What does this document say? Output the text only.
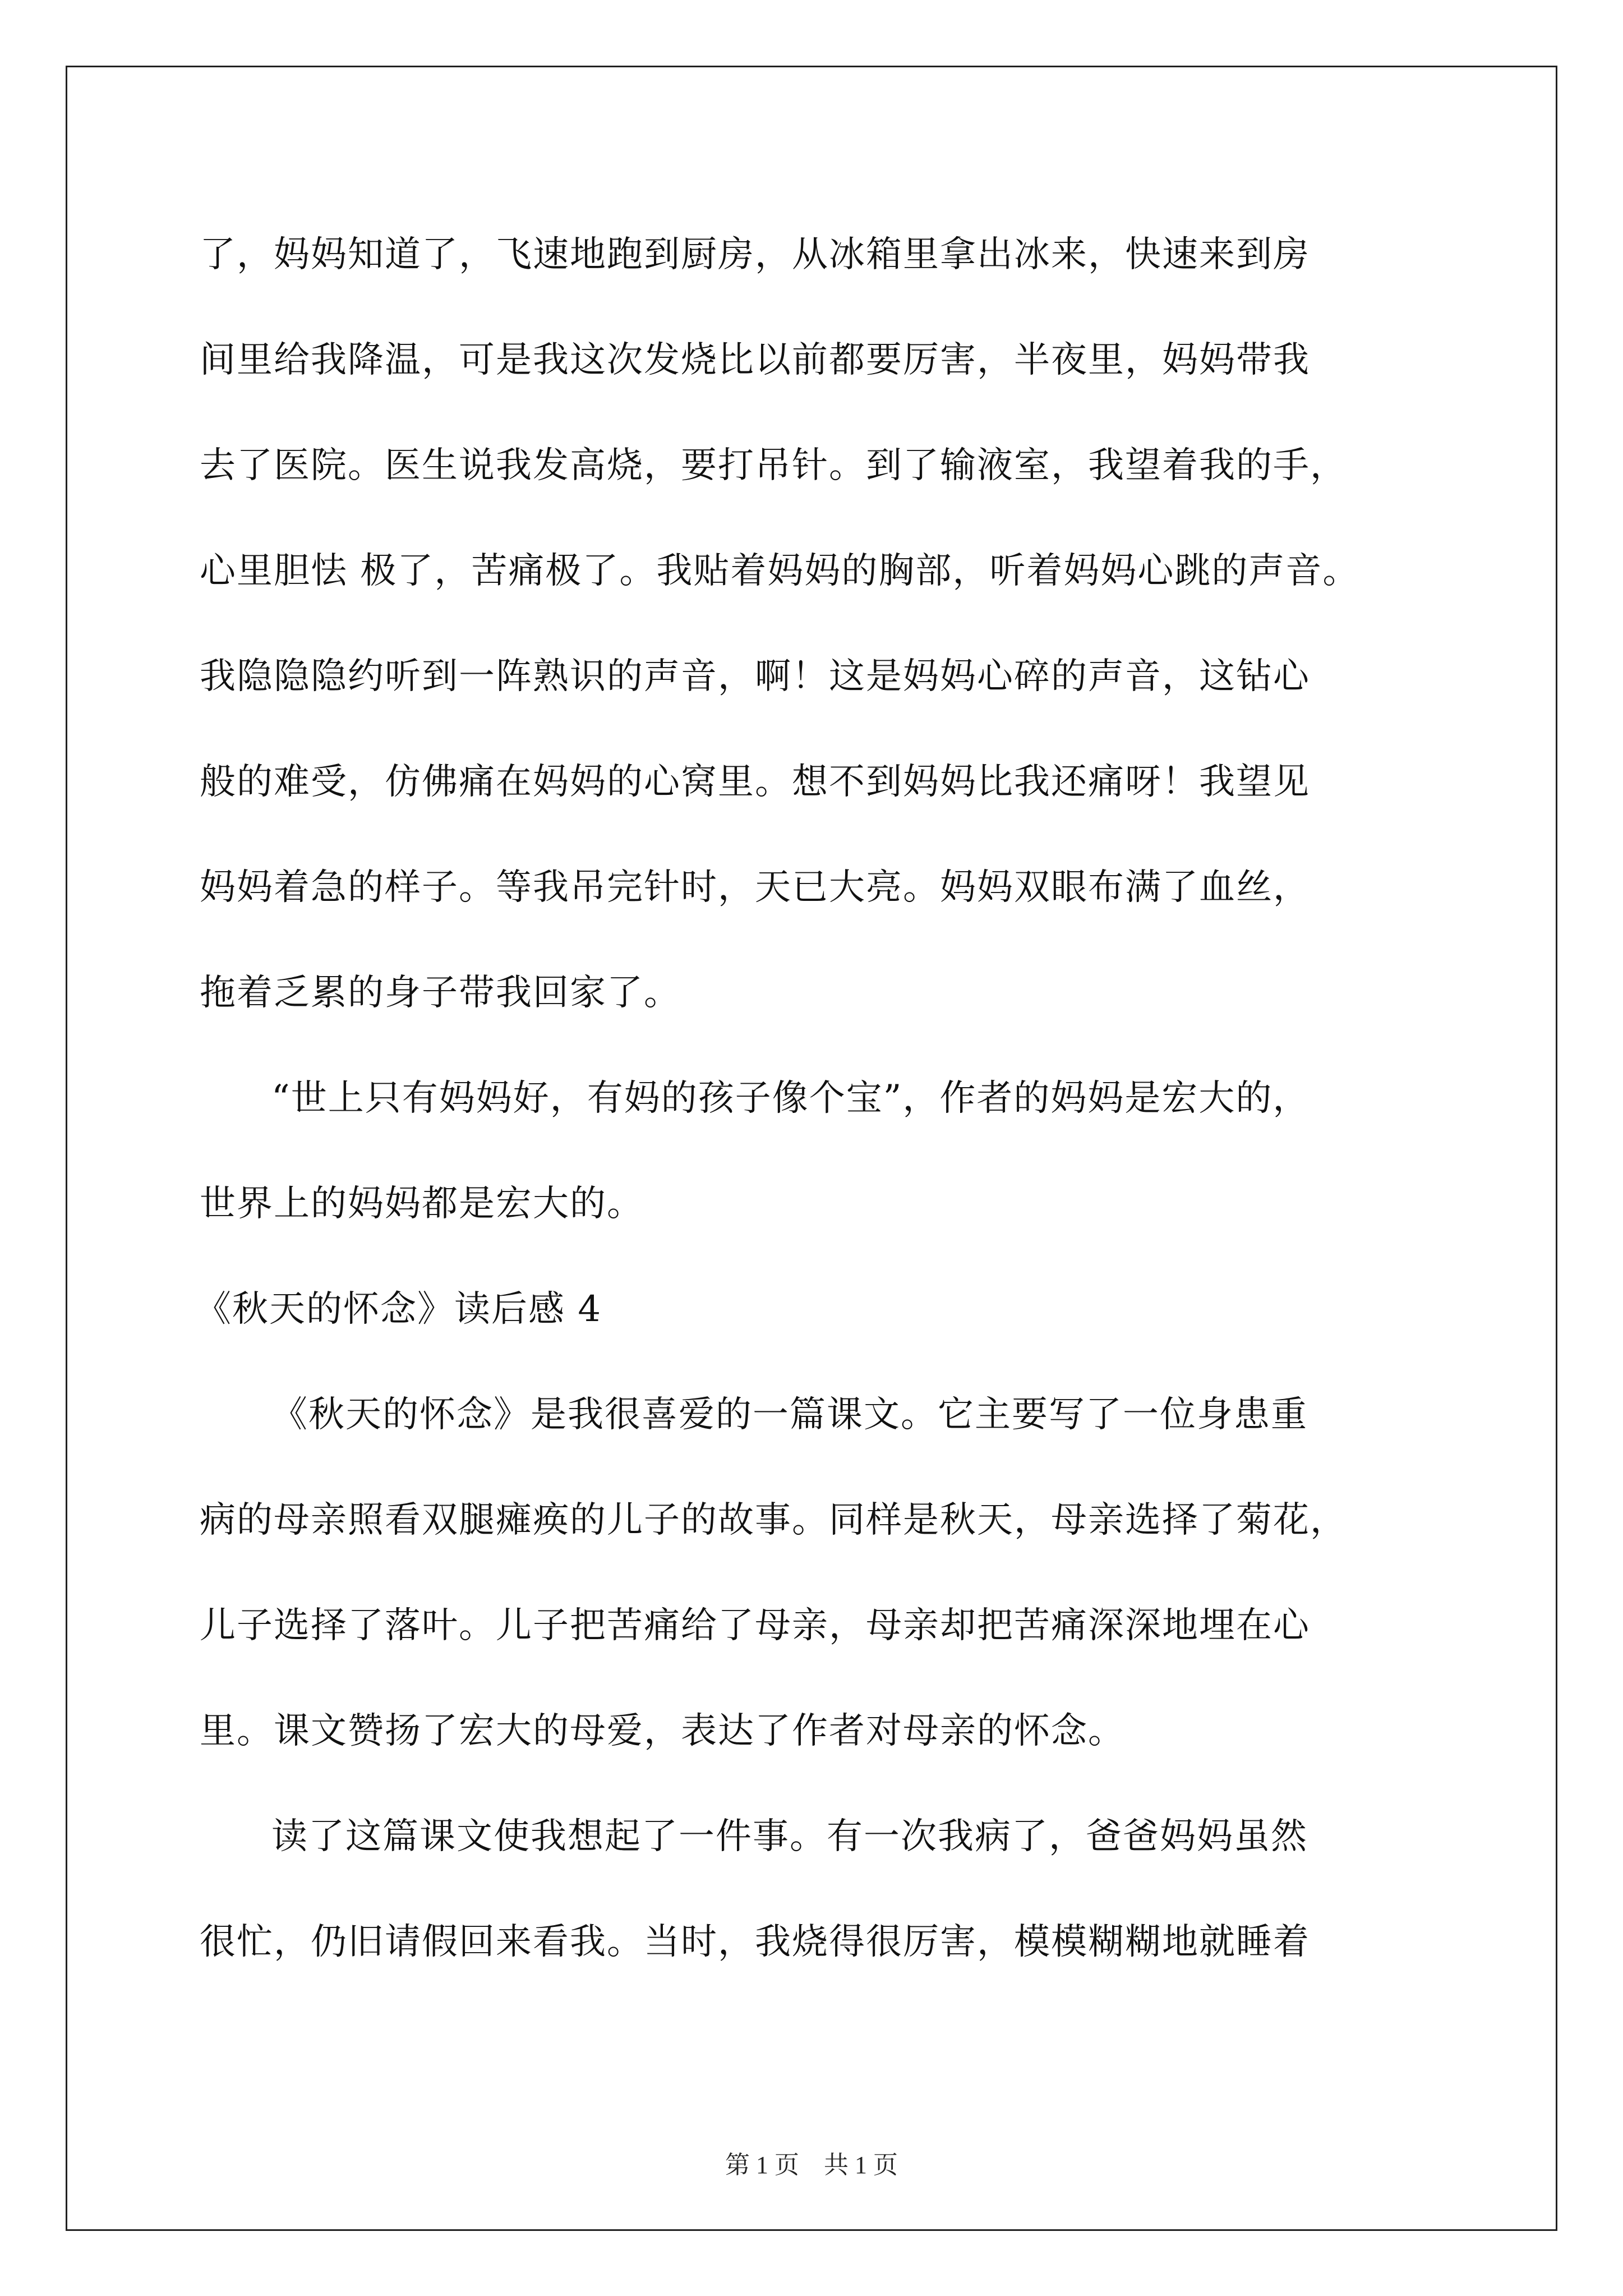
了，妈妈知道了，飞速地跑到厨房，从冰箱里拿出冰来，快速来到房
间里给我降温，可是我这次发烧比以前都要厉害，半夜里，妈妈带我
去了医院。医生说我发高烧，要打吊针。到了输液室，我望着我的手，
心里胆怯 极了，苦痛极了。我贴着妈妈的胸部，听着妈妈心跳的声音。
我隐隐隐约听到一阵熟识的声音，啊！这是妈妈心碎的声音，这钻心
般的难受，仿佛痛在妈妈的心窝里。想不到妈妈比我还痛呀！我望见
妈妈着急的样子。等我吊完针时，天已大亮。妈妈双眼布满了血丝，
拖着乏累的身子带我回家了。
“世上只有妈妈好，有妈的孩子像个宝”，作者的妈妈是宏大的，
世界上的妈妈都是宏大的。
《秋天的怀念》读后感 4
《秋天的怀念》是我很喜爱的一篇课文。它主要写了一位身患重
病的母亲照看双腿瘫痪的儿子的故事。同样是秋天，母亲选择了菊花，
儿子选择了落叶。儿子把苦痛给了母亲，母亲却把苦痛深深地埋在心
里。课文赞扬了宏大的母爱，表达了作者对母亲的怀念。
读了这篇课文使我想起了一件事。有一次我病了，爸爸妈妈虽然
很忙，仍旧请假回来看我。当时，我烧得很厉害，模模糊糊地就睡着
第 1 页　共 1 页
